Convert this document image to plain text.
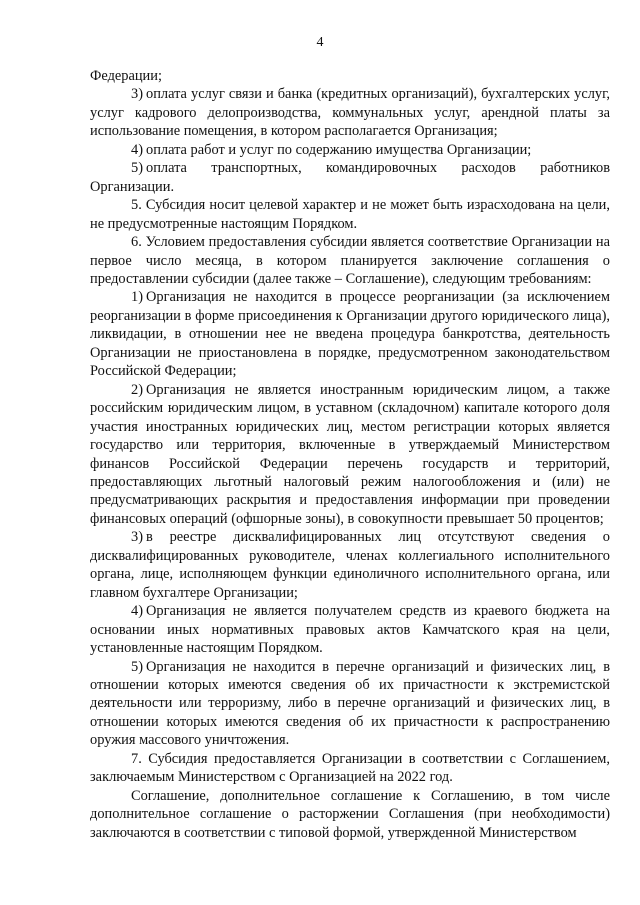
4

Федерации;

3) оплата услуг связи и банка (кредитных организаций), бухгалтерских услуг, услуг кадрового делопроизводства, коммунальных услуг, арендной платы за использование помещения, в котором располагается Организация;

4) оплата работ и услуг по содержанию имущества Организации;

5) оплата транспортных, командировочных расходов работников Организации.

5. Субсидия носит целевой характер и не может быть израсходована на цели, не предусмотренные настоящим Порядком.

6. Условием предоставления субсидии является соответствие Организации на первое число месяца, в котором планируется заключение соглашения о предоставлении субсидии (далее также – Соглашение), следующим требованиям:

1) Организация не находится в процессе реорганизации (за исключением реорганизации в форме присоединения к Организации другого юридического лица), ликвидации, в отношении нее не введена процедура банкротства, деятельность Организации не приостановлена в порядке, предусмотренном законодательством Российской Федерации;

2) Организация не является иностранным юридическим лицом, а также российским юридическим лицом, в уставном (складочном) капитале которого доля участия иностранных юридических лиц, местом регистрации которых является государство или территория, включенные в утверждаемый Министерством финансов Российской Федерации перечень государств и территорий, предоставляющих льготный налоговый режим налогообложения и (или) не предусматривающих раскрытия и предоставления информации при проведении финансовых операций (офшорные зоны), в совокупности превышает 50 процентов;

3) в реестре дисквалифицированных лиц отсутствуют сведения о дисквалифицированных руководителе, членах коллегиального исполнительного органа, лице, исполняющем функции единоличного исполнительного органа, или главном бухгалтере Организации;

4) Организация не является получателем средств из краевого бюджета на основании иных нормативных правовых актов Камчатского края на цели, установленные настоящим Порядком.

5) Организация не находится в перечне организаций и физических лиц, в отношении которых имеются сведения об их причастности к экстремистской деятельности или терроризму, либо в перечне организаций и физических лиц, в отношении которых имеются сведения об их причастности к распространению оружия массового уничтожения.

7. Субсидия предоставляется Организации в соответствии с Соглашением, заключаемым Министерством с Организацией на 2022 год.

Соглашение, дополнительное соглашение к Соглашению, в том числе дополнительное соглашение о расторжении Соглашения (при необходимости) заключаются в соответствии с типовой формой, утвержденной Министерством
